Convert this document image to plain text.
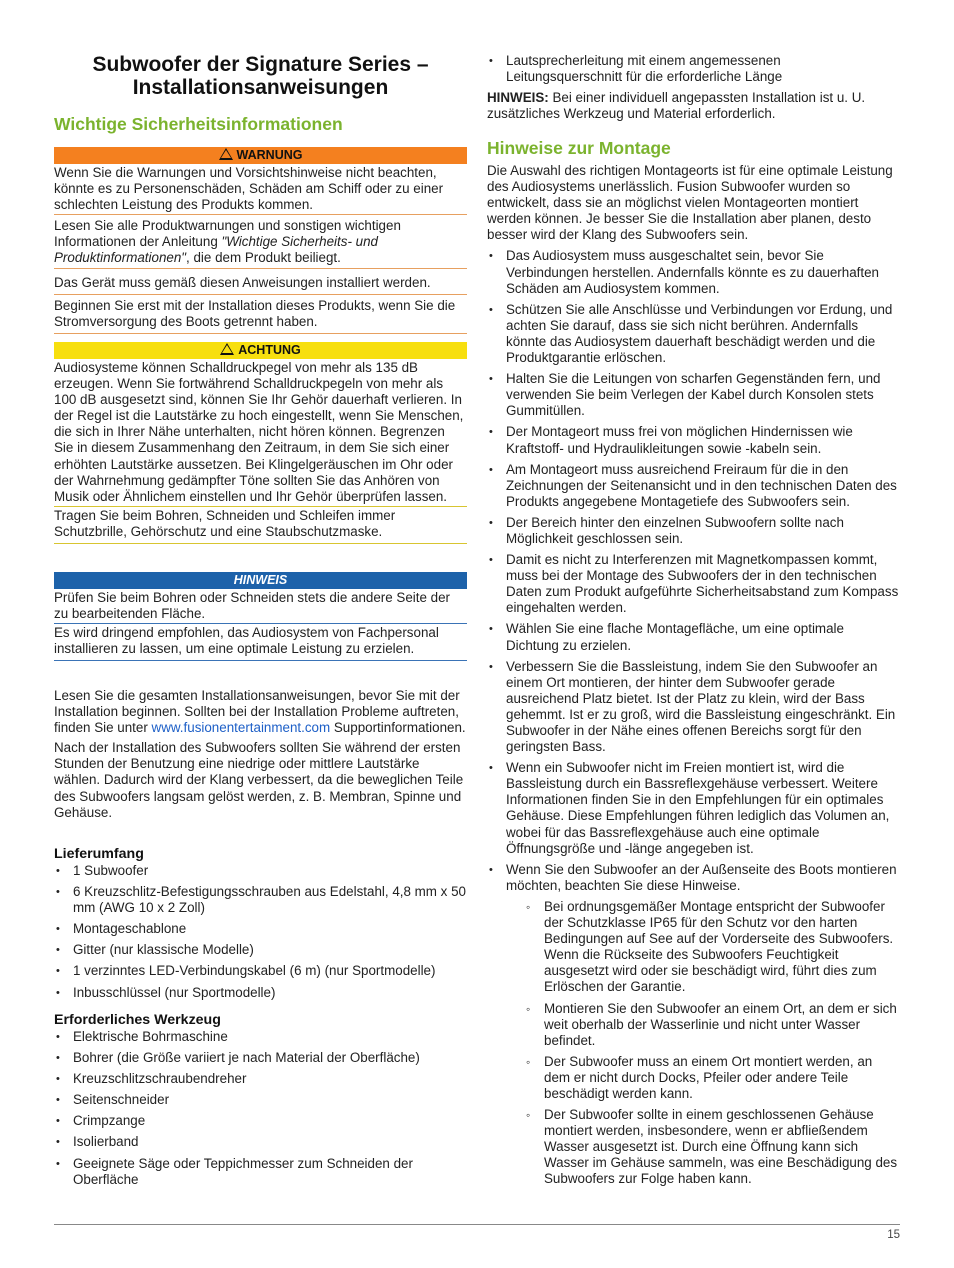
Subwoofer der Signature Series –
Installationsanweisungen

Wichtige Sicherheitsinformationen

WARNUNG

Wenn Sie die Warnungen und Vorsichtshinweise nicht beachten, könnte es zu Personenschäden, Schäden am Schiff oder zu einer schlechten Leistung des Produkts kommen.

Lesen Sie alle Produktwarnungen und sonstigen wichtigen Informationen der Anleitung "Wichtige Sicherheits- und Produktinformationen", die dem Produkt beiliegt.

Das Gerät muss gemäß diesen Anweisungen installiert werden.

Beginnen Sie erst mit der Installation dieses Produkts, wenn Sie die Stromversorgung des Boots getrennt haben.

ACHTUNG

Audiosysteme können Schalldruckpegel von mehr als 135 dB erzeugen. Wenn Sie fortwährend Schalldruckpegeln von mehr als 100 dB ausgesetzt sind, können Sie Ihr Gehör dauerhaft verlieren. In der Regel ist die Lautstärke zu hoch eingestellt, wenn Sie Menschen, die sich in Ihrer Nähe unterhalten, nicht hören können. Begrenzen Sie in diesem Zusammenhang den Zeitraum, in dem Sie sich einer erhöhten Lautstärke aussetzen. Bei Klingelgeräuschen im Ohr oder der Wahrnehmung gedämpfter Töne sollten Sie das Anhören von Musik oder Ähnlichem einstellen und Ihr Gehör überprüfen lassen.

Tragen Sie beim Bohren, Schneiden und Schleifen immer Schutzbrille, Gehörschutz und eine Staubschutzmaske.

HINWEIS

Prüfen Sie beim Bohren oder Schneiden stets die andere Seite der zu bearbeitenden Fläche.

Es wird dringend empfohlen, das Audiosystem von Fachpersonal installieren zu lassen, um eine optimale Leistung zu erzielen.

Lesen Sie die gesamten Installationsanweisungen, bevor Sie mit der Installation beginnen. Sollten bei der Installation Probleme auftreten, finden Sie unter www.fusionentertainment.com Supportinformationen.

Nach der Installation des Subwoofers sollten Sie während der ersten Stunden der Benutzung eine niedrige oder mittlere Lautstärke wählen. Dadurch wird der Klang verbessert, da die beweglichen Teile des Subwoofers langsam gelöst werden, z. B. Membran, Spinne und Gehäuse.

Lieferumfang

• 1 Subwoofer
• 6 Kreuzschlitz-Befestigungsschrauben aus Edelstahl, 4,8 mm x 50 mm (AWG 10 x 2 Zoll)
• Montageschablone
• Gitter (nur klassische Modelle)
• 1 verzinntes LED-Verbindungskabel (6 m) (nur Sportmodelle)
• Inbusschlüssel (nur Sportmodelle)

Erforderliches Werkzeug

• Elektrische Bohrmaschine
• Bohrer (die Größe variiert je nach Material der Oberfläche)
• Kreuzschlitzschraubendreher
• Seitenschneider
• Crimpzange
• Isolierband
• Geeignete Säge oder Teppichmesser zum Schneiden der Oberfläche
• Lautsprecherleitung mit einem angemessenen Leitungsquerschnitt für die erforderliche Länge

HINWEIS: Bei einer individuell angepassten Installation ist u. U. zusätzliches Werkzeug und Material erforderlich.

Hinweise zur Montage

Die Auswahl des richtigen Montageorts ist für eine optimale Leistung des Audiosystems unerlässlich. Fusion Subwoofer wurden so entwickelt, dass sie an möglichst vielen Montageorten montiert werden können. Je besser Sie die Installation aber planen, desto besser wird der Klang des Subwoofers sein.

• Das Audiosystem muss ausgeschaltet sein, bevor Sie Verbindungen herstellen. Andernfalls könnte es zu dauerhaften Schäden am Audiosystem kommen.
• Schützen Sie alle Anschlüsse und Verbindungen vor Erdung, und achten Sie darauf, dass sie sich nicht berühren. Andernfalls könnte das Audiosystem dauerhaft beschädigt werden und die Produktgarantie erlöschen.
• Halten Sie die Leitungen von scharfen Gegenständen fern, und verwenden Sie beim Verlegen der Kabel durch Konsolen stets Gummitüllen.
• Der Montageort muss frei von möglichen Hindernissen wie Kraftstoff- und Hydraulikleitungen sowie -kabeln sein.
• Am Montageort muss ausreichend Freiraum für die in den Zeichnungen der Seitenansicht und in den technischen Daten des Produkts angegebene Montagetiefe des Subwoofers sein.
• Der Bereich hinter den einzelnen Subwoofern sollte nach Möglichkeit geschlossen sein.
• Damit es nicht zu Interferenzen mit Magnetkompassen kommt, muss bei der Montage des Subwoofers der in den technischen Daten zum Produkt aufgeführte Sicherheitsabstand zum Kompass eingehalten werden.
• Wählen Sie eine flache Montagefläche, um eine optimale Dichtung zu erzielen.
• Verbessern Sie die Bassleistung, indem Sie den Subwoofer an einem Ort montieren, der hinter dem Subwoofer gerade ausreichend Platz bietet. Ist der Platz zu klein, wird der Bass gehemmt. Ist er zu groß, wird die Bassleistung eingeschränkt. Ein Subwoofer in der Nähe eines offenen Bereichs sorgt für den geringsten Bass.
• Wenn ein Subwoofer nicht im Freien montiert ist, wird die Bassleistung durch ein Bassreflexgehäuse verbessert. Weitere Informationen finden Sie in den Empfehlungen für ein optimales Gehäuse. Diese Empfehlungen führen lediglich das Volumen an, wobei für das Bassreflexgehäuse auch eine optimale Öffnungsgröße und -länge angegeben ist.
• Wenn Sie den Subwoofer an der Außenseite des Boots montieren möchten, beachten Sie diese Hinweise.
◦ Bei ordnungsgemäßer Montage entspricht der Subwoofer der Schutzklasse IP65 für den Schutz vor den harten Bedingungen auf See auf der Vorderseite des Subwoofers. Wenn die Rückseite des Subwoofers Feuchtigkeit ausgesetzt wird oder sie beschädigt wird, führt dies zum Erlöschen der Garantie.
◦ Montieren Sie den Subwoofer an einem Ort, an dem er sich weit oberhalb der Wasserlinie und nicht unter Wasser befindet.
◦ Der Subwoofer muss an einem Ort montiert werden, an dem er nicht durch Docks, Pfeiler oder andere Teile beschädigt werden kann.
◦ Der Subwoofer sollte in einem geschlossenen Gehäuse montiert werden, insbesondere, wenn er abfließendem Wasser ausgesetzt ist. Durch eine Öffnung kann sich Wasser im Gehäuse sammeln, was eine Beschädigung des Subwoofers zur Folge haben kann.
15
